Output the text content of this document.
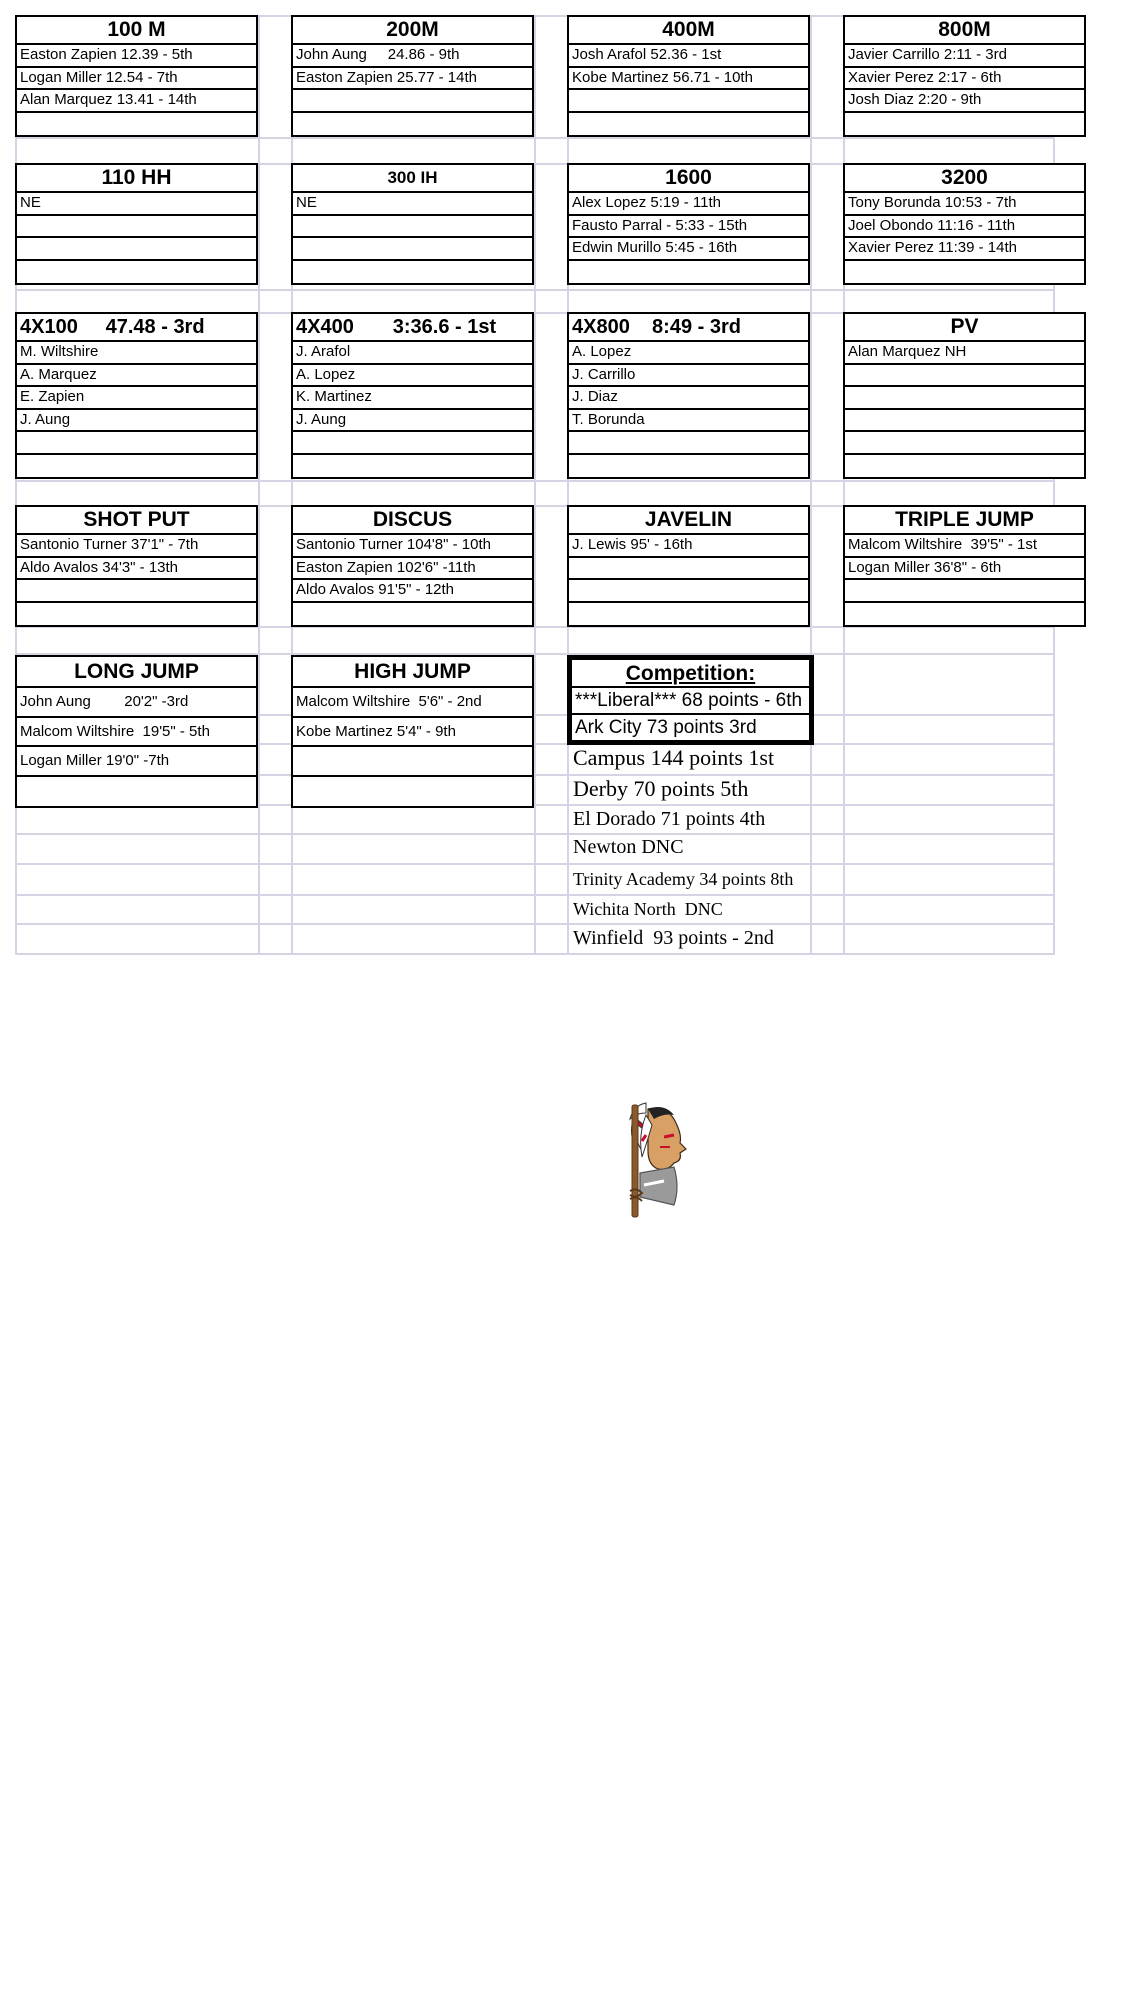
100 M
Easton Zapien 12.39 - 5th
Logan Miller 12.54 - 7th
Alan Marquez 13.41 - 14th
200M
John Aung     24.86 - 9th
Easton Zapien 25.77 - 14th
400M
Josh Arafol 52.36 - 1st
Kobe Martinez 56.71 - 10th
800M
Javier Carrillo 2:11 - 3rd
Xavier Perez 2:17 - 6th
Josh Diaz 2:20 - 9th
110 HH
NE
300 IH
NE
1600
Alex Lopez 5:19 - 11th
Fausto Parral - 5:33 - 15th
Edwin Murillo 5:45 - 16th
3200
Tony Borunda 10:53 - 7th
Joel Obondo 11:16 - 11th
Xavier Perez 11:39 - 14th
4X100     47.48 - 3rd
M. Wiltshire
A. Marquez
E. Zapien
J. Aung
4X400       3:36.6 - 1st
J. Arafol
A. Lopez
K. Martinez
J. Aung
4X800    8:49 - 3rd
A. Lopez
J. Carrillo
J. Diaz
T. Borunda
PV
Alan Marquez NH
SHOT PUT
Santonio Turner 37'1" - 7th
Aldo Avalos 34'3" - 13th
DISCUS
Santonio Turner 104'8" - 10th
Easton Zapien 102'6" -11th
Aldo Avalos 91'5" - 12th
JAVELIN
J. Lewis 95' - 16th
TRIPLE JUMP
Malcom Wiltshire  39'5" - 1st
Logan Miller 36'8" - 6th
LONG JUMP
John Aung        20'2" -3rd
Malcom Wiltshire  19'5" - 5th
Logan Miller 19'0" -7th
HIGH JUMP
Malcom Wiltshire  5'6" - 2nd
Kobe Martinez 5'4" - 9th
Competition:
***Liberal*** 68 points - 6th
Ark City 73 points 3rd
Campus 144 points 1st
Derby 70 points 5th
El Dorado 71 points 4th
Newton DNC
Trinity Academy 34 points 8th
Wichita North  DNC
Winfield  93 points - 2nd
